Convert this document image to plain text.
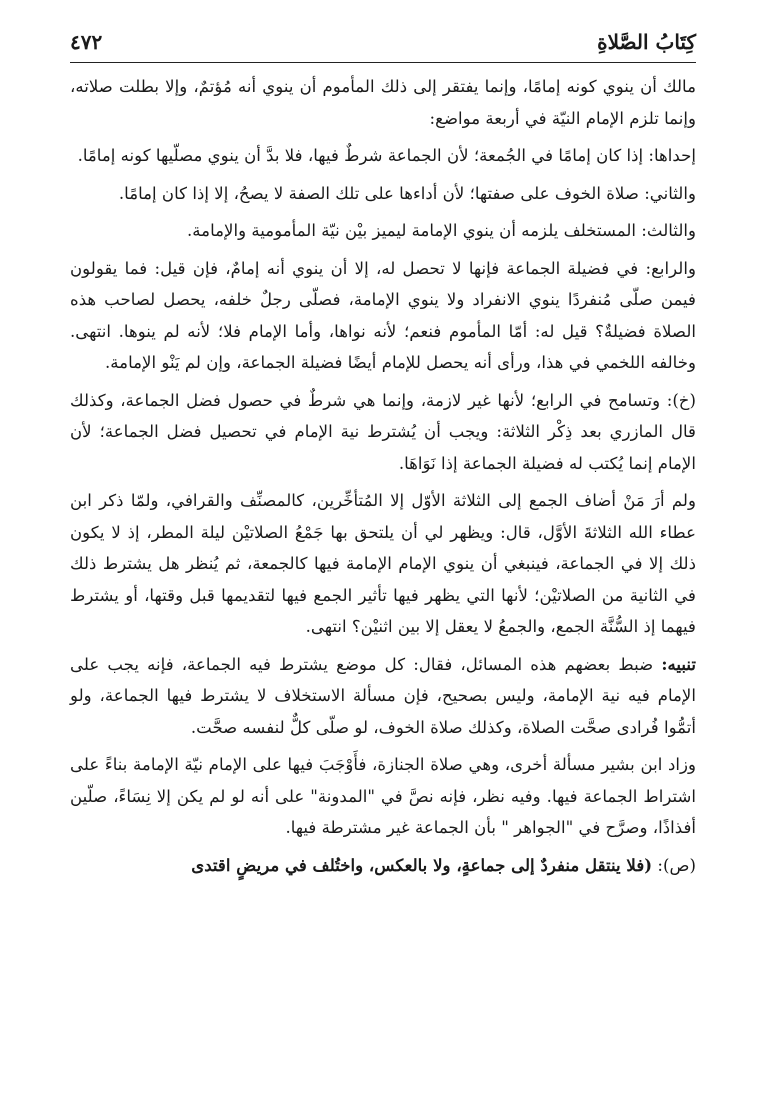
كِتَابُ الصَّلاةِ
٤٧٢

مالك أن ينوي كونه إمامًا، وإنما يفتقر إلى ذلك المأموم أن ينوي أنه مُؤتمٌ، وإلا بطلت صلاته، وإنما تلزم الإمام النيّة في أربعة مواضع:

إحداها: إذا كان إمامًا في الجُمعة؛ لأن الجماعة شرطٌ فيها، فلا بدَّ أن ينوي مصلّيها كونه إمامًا.

والثاني: صلاة الخوف على صفتها؛ لأن أداءها على تلك الصفة لا يصحُ، إلا إذا كان إمامًا.

والثالث: المستخلف يلزمه أن ينوي الإمامة ليميز بيْن نيّة المأمومية والإمامة.

والرابع: في فضيلة الجماعة فإنها لا تحصل له، إلا أن ينوي أنه إمامٌ، فإن قيل: فما يقولون فيمن صلّى مُنفردًا ينوي الانفراد ولا ينوي الإمامة، فصلّى رجلٌ خلفه، يحصل لصاحب هذه الصلاة فضيلةٌ؟ قيل له: أمّا المأموم فنعم؛ لأنه نواها، وأما الإمام فلا؛ لأنه لم ينوها. انتهى. وخالفه اللخمي في هذا، ورأى أنه يحصل للإمام أيضًا فضيلة الجماعة، وإن لم يَنْو الإمامة.

(خ): وتسامح في الرابع؛ لأنها غير لازمة، وإنما هي شرطٌ في حصول فضل الجماعة، وكذلك قال المازري بعد ذِكْر الثلاثة: ويجب أن يُشترط نية الإمام في تحصيل فضل الجماعة؛ لأن الإمام إنما يُكتب له فضيلة الجماعة إذا نَوَاهَا.

ولم أرَ مَنْ أضاف الجمع إلى الثلاثة الأوّل إلا المُتأخِّرين، كالمصنِّف والقرافي، ولمّا ذكر ابن عطاء الله الثلاثةَ الأوَّل، قال: ويظهر لي أن يلتحق بها جَمْعُ الصلاتيْن ليلة المطر، إذ لا يكون ذلك إلا في الجماعة، فينبغي أن ينوي الإمام الإمامة فيها كالجمعة، ثم يُنظر هل يشترط ذلك في الثانية من الصلاتيْن؛ لأنها التي يظهر فيها تأثير الجمع فيها لتقديمها قبل وقتها، أو يشترط فيهما إذ السُّنَّة الجمع، والجمعُ لا يعقل إلا بين اثنيْن؟ انتهى.

تنبيه: ضبط بعضهم هذه المسائل، فقال: كل موضع يشترط فيه الجماعة، فإنه يجب على الإمام فيه نية الإمامة، وليس بصحيح، فإن مسألة الاستخلاف لا يشترط فيها الجماعة، ولو أتمُّوا فُرادى صحَّت الصلاة، وكذلك صلاة الخوف، لو صلّى كلٌّ لنفسه صحَّت.

وزاد ابن بشير مسألة أخرى، وهي صلاة الجنازة، فأَوْجَبَ فيها على الإمام نيّة الإمامة بناءً على اشتراط الجماعة فيها. وفيه نظر، فإنه نصَّ في "المدونة" على أنه لو لم يكن إلا نِسَاءً، صلّين أفذاذًا، وصرَّح في "الجواهر " بأن الجماعة غير مشترطة فيها.

(ص): (فلا ينتقل منفردٌ إلى جماعةٍ، ولا بالعكس، واختُلف في مريضٍ اقتدى
